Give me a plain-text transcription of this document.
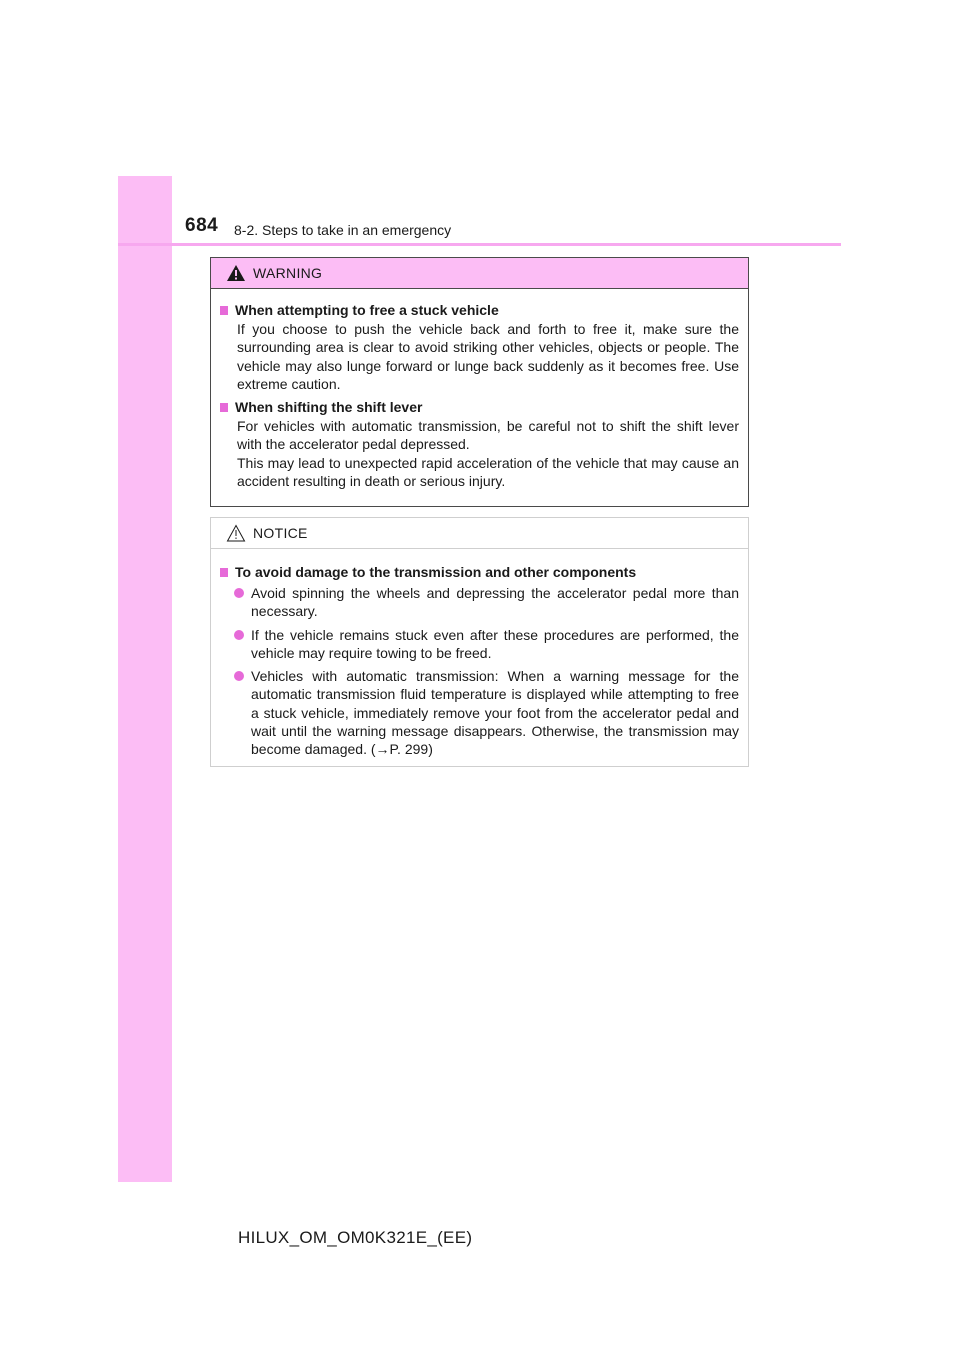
684 8-2. Steps to take in an emergency
WARNING
When attempting to free a stuck vehicle
If you choose to push the vehicle back and forth to free it, make sure the surrounding area is clear to avoid striking other vehicles, objects or people. The vehicle may also lunge forward or lunge back suddenly as it becomes free. Use extreme caution.
When shifting the shift lever
For vehicles with automatic transmission, be careful not to shift the shift lever with the accelerator pedal depressed.
This may lead to unexpected rapid acceleration of the vehicle that may cause an accident resulting in death or serious injury.
NOTICE
To avoid damage to the transmission and other components
Avoid spinning the wheels and depressing the accelerator pedal more than necessary.
If the vehicle remains stuck even after these procedures are performed, the vehicle may require towing to be freed.
Vehicles with automatic transmission: When a warning message for the automatic transmission fluid temperature is displayed while attempting to free a stuck vehicle, immediately remove your foot from the accelerator pedal and wait until the warning message disappears. Otherwise, the transmission may become damaged. (→P. 299)
HILUX_OM_OM0K321E_(EE)
